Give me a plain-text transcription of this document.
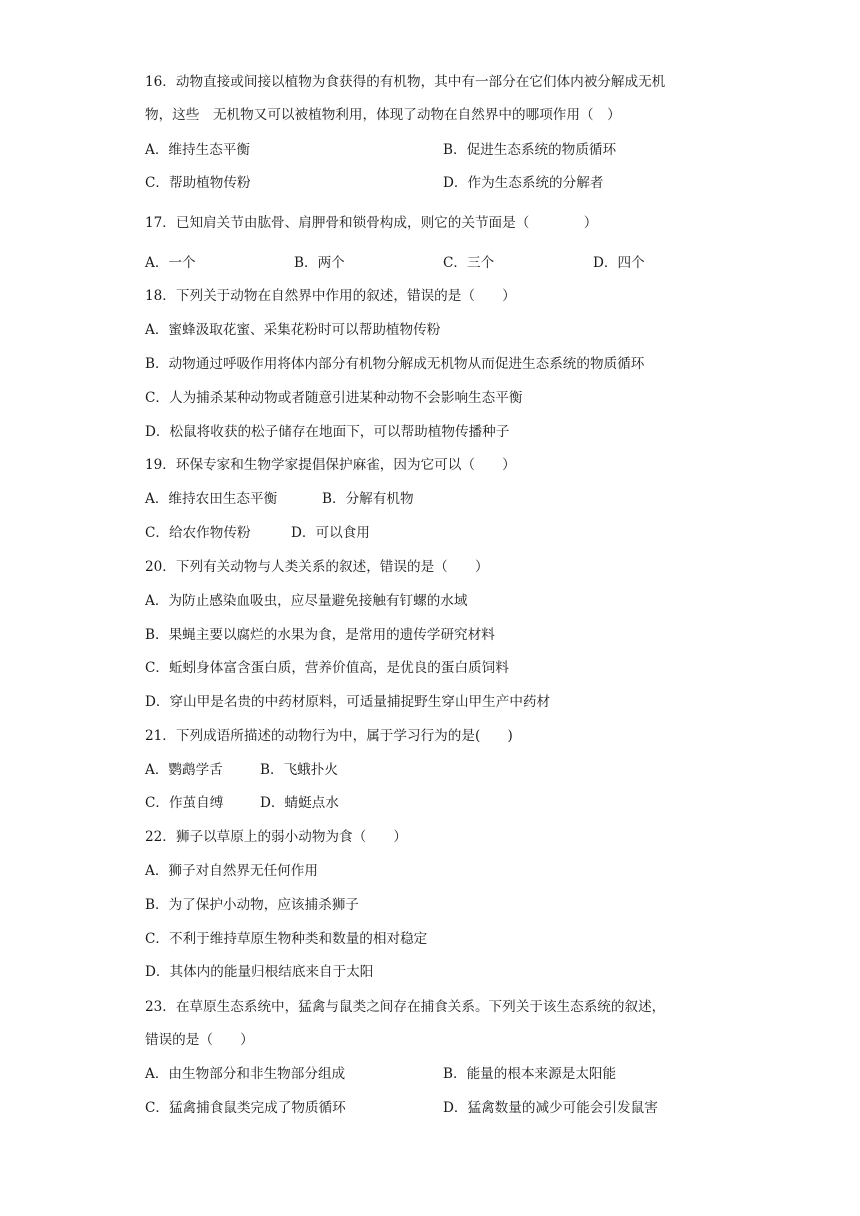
16．动物直接或间接以植物为食获得的有机物，其中有一部分在它们体内被分解成无机
物，这些　无机物又可以被植物利用，体现了动物在自然界中的哪项作用（　）
A．维持生态平衡	B．促进生态系统的物质循环
C．帮助植物传粉	D．作为生态系统的分解者
17．已知肩关节由肱骨、肩胛骨和锁骨构成，则它的关节面是（　　　　）
A．一个	B．两个	C．三个	D．四个
18．下列关于动物在自然界中作用的叙述，错误的是（　　）
A．蜜蜂汲取花蜜、采集花粉时可以帮助植物传粉
B．动物通过呼吸作用将体内部分有机物分解成无机物从而促进生态系统的物质循环
C．人为捕杀某种动物或者随意引进某种动物不会影响生态平衡
D．松鼠将收获的松子储存在地面下，可以帮助植物传播种子
19．环保专家和生物学家提倡保护麻雀，因为它可以（　　）
A．维持农田生态平衡	B．分解有机物
C．给农作物传粉	D．可以食用
20．下列有关动物与人类关系的叙述，错误的是（　　）
A．为防止感染血吸虫，应尽量避免接触有钉螺的水域
B．果蝇主要以腐烂的水果为食，是常用的遗传学研究材料
C．蚯蚓身体富含蛋白质，营养价值高，是优良的蛋白质饲料
D．穿山甲是名贵的中药材原料，可适量捕捉野生穿山甲生产中药材
21．下列成语所描述的动物行为中，属于学习行为的是(　　)
A．鹦鹉学舌	B．飞蛾扑火
C．作茧自缚	D．蜻蜓点水
22．狮子以草原上的弱小动物为食（　　）
A．狮子对自然界无任何作用
B．为了保护小动物，应该捕杀狮子
C．不利于维持草原生物种类和数量的相对稳定
D．其体内的能量归根结底来自于太阳
23．在草原生态系统中，猛禽与鼠类之间存在捕食关系。下列关于该生态系统的叙述，
错误的是（　　）
A．由生物部分和非生物部分组成	B．能量的根本来源是太阳能
C．猛禽捕食鼠类完成了物质循环	D．猛禽数量的减少可能会引发鼠害
